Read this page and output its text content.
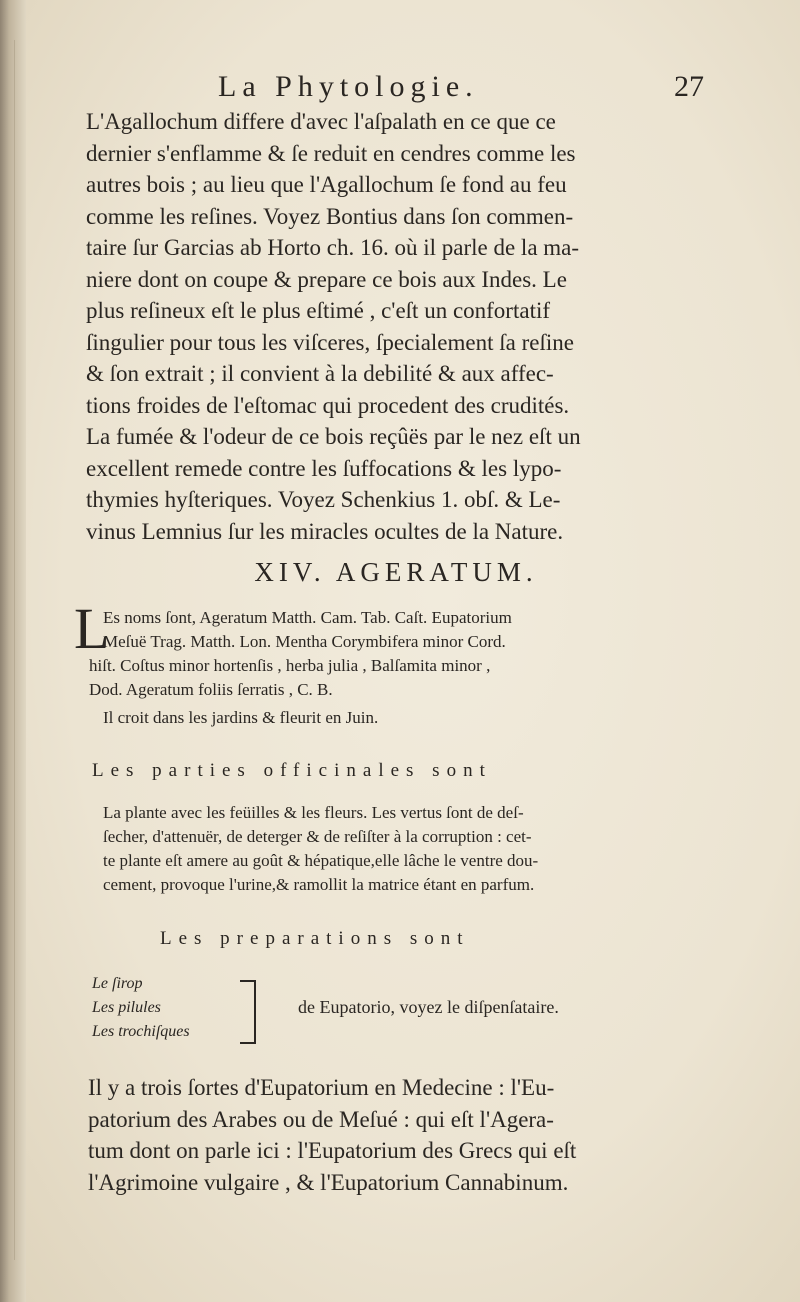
La Phytologie.	27
L'Agallochum differe d'avec l'aſpalath en ce que ce
dernier s'enflamme & ſe reduit en cendres comme les
autres bois ; au lieu que l'Agallochum ſe fond au feu
comme les reſines. Voyez Bontius dans ſon commen-
taire ſur Garcias ab Horto ch. 16. où il parle de la ma-
niere dont on coupe & prepare ce bois aux Indes. Le
plus reſineux eſt le plus eſtimé , c'eſt un confortatif
ſingulier pour tous les viſceres, ſpecialement ſa reſine
& ſon extrait ; il convient à la debilité & aux affec-
tions froides de l'eſtomac qui procedent des crudités.
La fumée & l'odeur de ce bois reçûës par le nez eſt un
excellent remede contre les ſuffocations & les lypo-
thymies hyſteriques. Voyez Schenkius 1. obſ. & Le-
vinus Lemnius ſur les miracles ocultes de la Nature.
XIV. AGERATUM.
L
Es noms ſont, Ageratum Matth. Cam. Tab. Caſt. Eupatorium
Meſuë Trag. Matth. Lon. Mentha Corymbifera minor Cord.
hiſt. Coſtus minor hortenſis , herba julia , Balſamita minor ,
Dod. Ageratum foliis ſerratis , C. B.
Il croit dans les jardins & fleurit en Juin.
Les parties officinales sont
La plante avec les feüilles & les fleurs. Les vertus ſont de deſ-
ſecher, d'attenuër, de deterger & de reſiſter à la corruption : cet-
te plante eſt amere au goût & hépatique,elle lâche le ventre dou-
cement, provoque l'urine,& ramollit la matrice étant en parfum.
Les preparations sont
Le ſirop
Les pilules
Les trochiſques
de Eupatorio, voyez le diſpenſataire.
Il y a trois ſortes d'Eupatorium en Medecine : l'Eu-
patorium des Arabes ou de Meſué : qui eſt l'Agera-
tum dont on parle ici : l'Eupatorium des Grecs qui eſt
l'Agrimoine vulgaire , & l'Eupatorium Cannabinum.
